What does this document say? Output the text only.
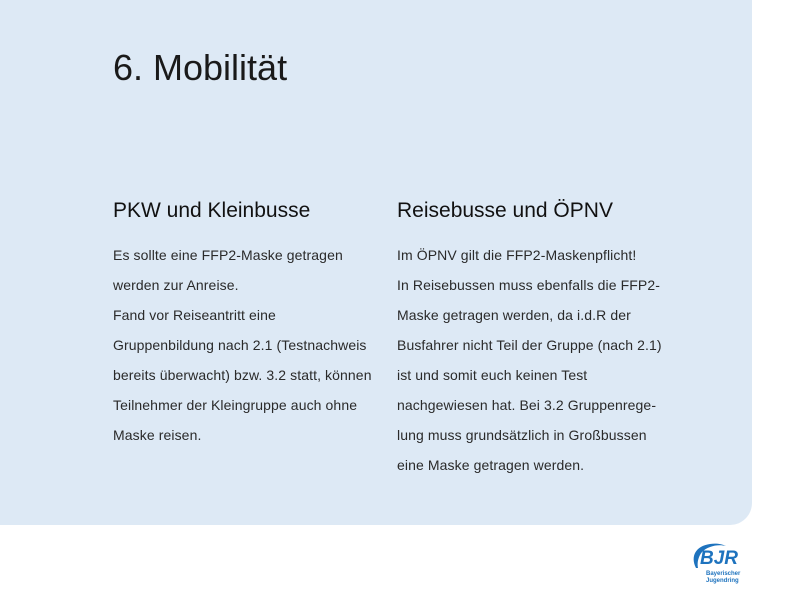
6. Mobilität
PKW und Kleinbusse
Es sollte eine FFP2-Maske getragen
werden zur Anreise.
Fand vor Reiseantritt eine
Gruppenbildung nach 2.1 (Testnachweis
bereits überwacht) bzw. 3.2 statt, können
Teilnehmer der Kleingruppe auch ohne
Maske reisen.
Reisebusse und ÖPNV
Im ÖPNV gilt die FFP2-Maskenpflicht!
In Reisebussen muss ebenfalls die FFP2-
Maske getragen werden, da i.d.R der
Busfahrer nicht Teil der Gruppe (nach 2.1)
ist und somit euch keinen Test
nachgewiesen hat. Bei 3.2 Gruppenrege-
lung muss grundsätzlich in Großbussen
eine Maske getragen werden.
BJR
Bayerischer
Jugendring
